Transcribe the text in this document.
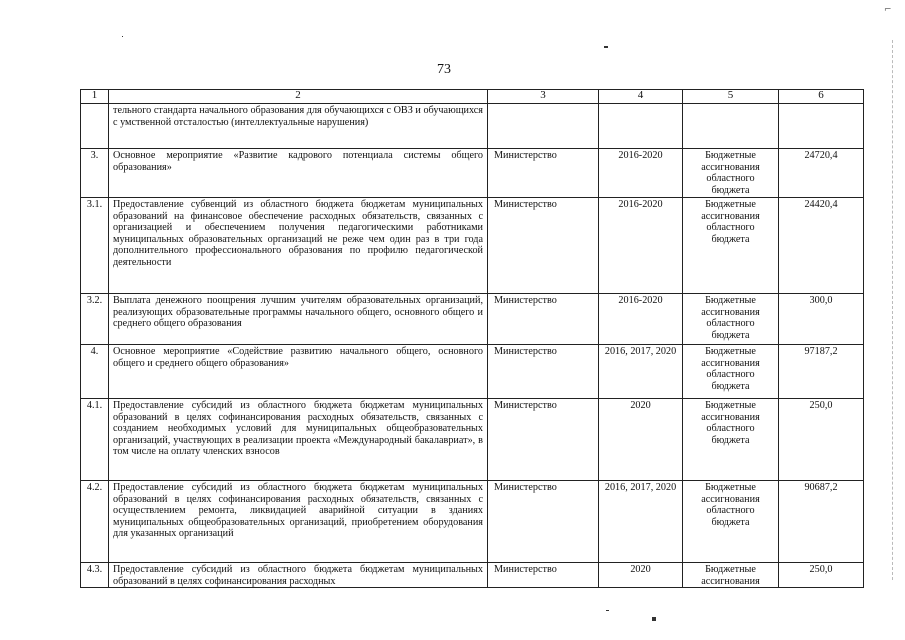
⌐
73
1	2	3	4	5	6
	тельного стандарта начального образования для обучающихся с ОВЗ и обучающихся с умственной отсталостью (интеллектуальные нарушения)				
3.	Основное мероприятие «Развитие кадрового потенциала системы общего образования»	Министерство	2016-2020	Бюджетные ассигнования областного бюджета	24720,4
3.1.	Предоставление субвенций из областного бюджета бюджетам муниципальных образований на финансовое обеспечение расходных обязательств, связанных с организацией и обеспечением получения педагогическими работниками муниципальных образовательных организаций не реже чем один раз в три года дополнительного профессионального образования по профилю педагогической деятельности	Министерство	2016-2020	Бюджетные ассигнования областного бюджета	24420,4
3.2.	Выплата денежного поощрения лучшим учителям образовательных организаций, реализующих образовательные программы начального общего, основного общего и среднего общего образования	Министерство	2016-2020	Бюджетные ассигнования областного бюджета	300,0
4.	Основное мероприятие «Содействие развитию начального общего, основного общего и среднего общего образования»	Министерство	2016, 2017, 2020	Бюджетные ассигнования областного бюджета	97187,2
4.1.	Предоставление субсидий из областного бюджета бюджетам муниципальных образований в целях софинансирования расходных обязательств, связанных с созданием необходимых условий для муниципальных общеобразовательных организаций, участвующих в реализации проекта «Международный бакалавриат», в том числе на оплату членских взносов	Министерство	2020	Бюджетные ассигнования областного бюджета	250,0
4.2.	Предоставление субсидий из областного бюджета бюджетам муниципальных образований в целях софинансирования расходных обязательств, связанных с осуществлением ремонта, ликвидацией аварийной ситуации в зданиях муниципальных общеобразовательных организаций, приобретением оборудования для указанных организаций	Министерство	2016, 2017, 2020	Бюджетные ассигнования областного бюджета	90687,2
4.3.	Предоставление субсидий из областного бюджета бюджетам муниципальных образований в целях софинансирования расходных	Министерство	2020	Бюджетные ассигнования	250,0
